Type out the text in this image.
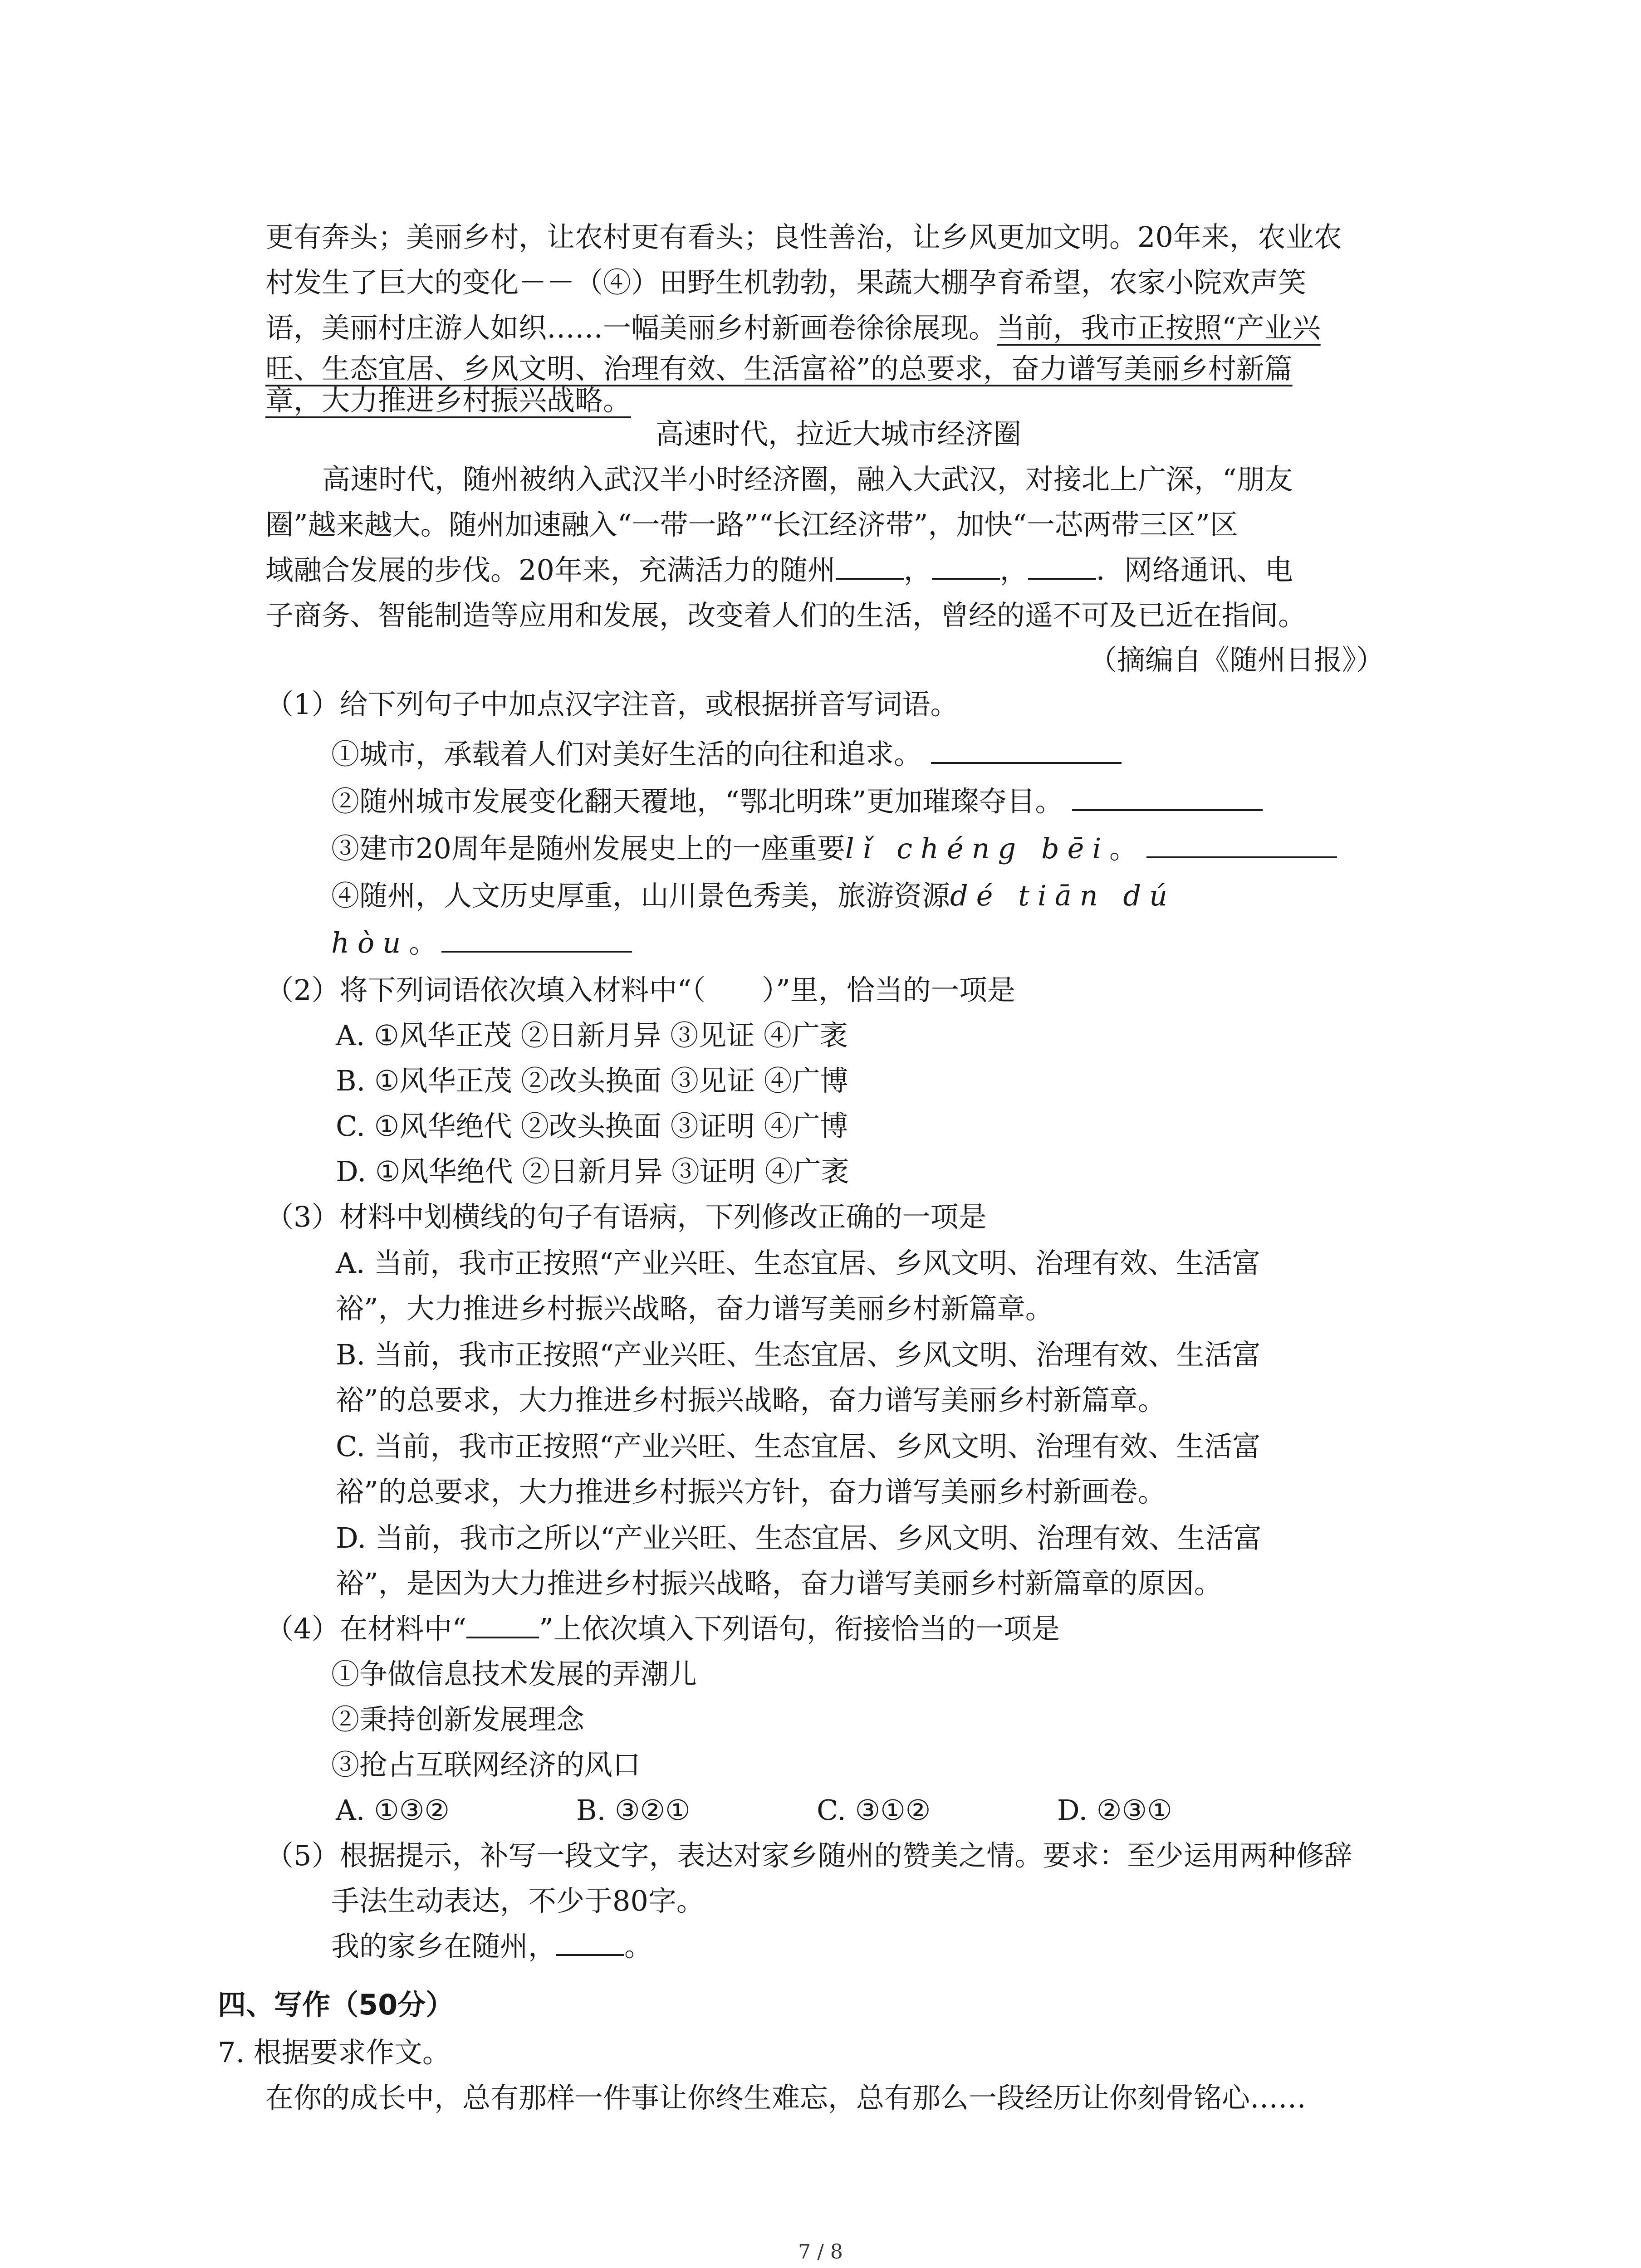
更有奔头；美丽乡村，让农村更有看头；良性善治，让乡风更加文明。20年来，农业农
村发生了巨大的变化－－（④）田野生机勃勃，果蔬大棚孕育希望，农家小院欢声笑
语，美丽村庄游人如织……一幅美丽乡村新画卷徐徐展现。当前，我市正按照“产业兴
旺、生态宜居、乡风文明、治理有效、生活富裕”的总要求，奋力谱写美丽乡村新篇
章，大力推进乡村振兴战略。
高速时代，拉近大城市经济圈
高速时代，随州被纳入武汉半小时经济圈，融入大武汉，对接北上广深，“朋友
圈”越来越大。随州加速融入“一带一路”“长江经济带”，加快“一芯两带三区”区
域融合发展的步伐。20年来，充满活力的随州 ， ， ．网络通讯、电
子商务、智能制造等应用和发展，改变着人们的生活，曾经的遥不可及已近在指间。
（摘编自《随州日报》）
（1）给下列句子中加点汉字注音，或根据拼音写词语。
①城市，承载着人们对美好生活的向往和追求。
②随州城市发展变化翻天覆地，“鄂北明珠”更加璀璨夺目。
③建市20周年是随州发展史上的一座重要lǐ chéng bēi。
④随州，人文历史厚重，山川景色秀美，旅游资源dé tiān dú
hòu。
（2）将下列词语依次填入材料中“（　　）”里，恰当的一项是
A. ①风华正茂 ②日新月异 ③见证 ④广袤
B. ①风华正茂 ②改头换面 ③见证 ④广博
C. ①风华绝代 ②改头换面 ③证明 ④广博
D. ①风华绝代 ②日新月异 ③证明 ④广袤
（3）材料中划横线的句子有语病，下列修改正确的一项是
A. 当前，我市正按照“产业兴旺、生态宜居、乡风文明、治理有效、生活富
裕”，大力推进乡村振兴战略，奋力谱写美丽乡村新篇章。
B. 当前，我市正按照“产业兴旺、生态宜居、乡风文明、治理有效、生活富
裕”的总要求，大力推进乡村振兴战略，奋力谱写美丽乡村新篇章。
C. 当前，我市正按照“产业兴旺、生态宜居、乡风文明、治理有效、生活富
裕”的总要求，大力推进乡村振兴方针，奋力谱写美丽乡村新画卷。
D. 当前，我市之所以“产业兴旺、生态宜居、乡风文明、治理有效、生活富
裕”，是因为大力推进乡村振兴战略，奋力谱写美丽乡村新篇章的原因。
（4）在材料中“	”上依次填入下列语句，衔接恰当的一项是
①争做信息技术发展的弄潮儿
②秉持创新发展理念
③抢占互联网经济的风口
A. ①③②	B. ③②①	C. ③①②	D. ②③①
（5）根据提示，补写一段文字，表达对家乡随州的赞美之情。要求：至少运用两种修辞
手法生动表达，不少于80字。
我的家乡在随州， 。
四、写作（50分）
7. 根据要求作文。
在你的成长中，总有那样一件事让你终生难忘，总有那么一段经历让你刻骨铭心……
7 / 8
